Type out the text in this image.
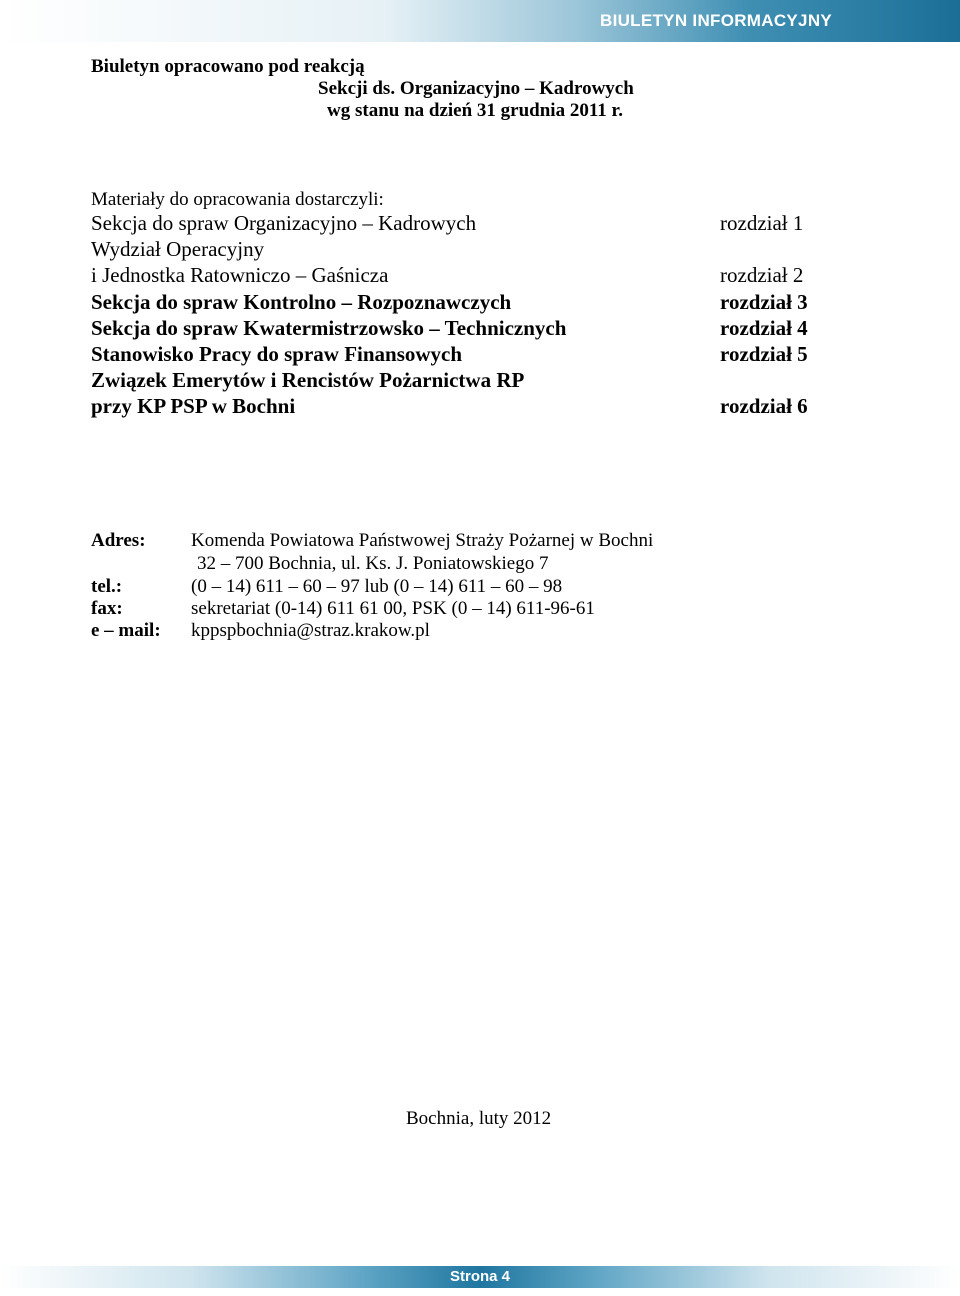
BIULETYN INFORMACYJNY
Biuletyn opracowano pod reakcją
Sekcji ds. Organizacyjno – Kadrowych
wg stanu na dzień 31 grudnia 2011 r.
Materiały do opracowania dostarczyli:
Sekcja do spraw Organizacyjno – Kadrowych	rozdział 1
Wydział Operacyjny
i Jednostka Ratowniczo – Gaśnicza	rozdział 2
Sekcja do spraw Kontrolno – Rozpoznawczych	rozdział 3
Sekcja do spraw Kwatermistrzowsko – Technicznych	rozdział 4
Stanowisko Pracy do spraw Finansowych	rozdział 5
Związek Emerytów i Rencistów Pożarnictwa RP
przy KP PSP w Bochni	rozdział 6
Adres: Komenda Powiatowa Państwowej Straży Pożarnej w Bochni
32 – 700 Bochnia, ul. Ks. J. Poniatowskiego 7
tel.:	(0 – 14) 611 – 60 – 97 lub (0 – 14) 611 – 60 – 98
fax:	sekretariat (0-14) 611 61 00, PSK (0 – 14) 611-96-61
e – mail: kppspbochnia@straz.krakow.pl
Bochnia, luty 2012
Strona 4
